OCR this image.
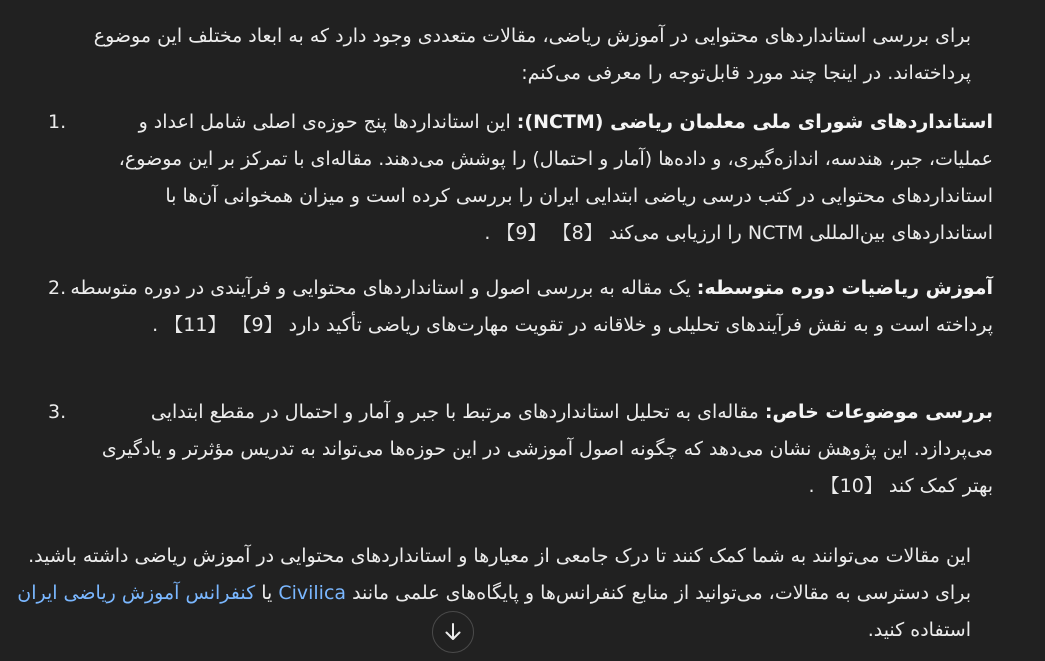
برای بررسی استانداردهای محتوایی در آموزش ریاضی، مقالات متعددی وجود دارد که به ابعاد مختلف این موضوع پرداخته‌اند. در اینجا چند مورد قابل‌توجه را معرفی می‌کنم:

استانداردهای شورای ملی معلمان ریاضی (NCTM): این استانداردها پنج حوزه‌ی اصلی شامل اعداد و عملیات، جبر، هندسه، اندازه‌گیری، و داده‌ها (آمار و احتمال) را پوشش می‌دهند. مقاله‌ای با تمرکز بر این موضوع، استانداردهای محتوایی در کتب درسی ریاضی ابتدایی ایران را بررسی کرده است و میزان همخوانی آن‌ها با استانداردهای بین‌المللی NCTM را ارزیابی می‌کند 【8】 【9】 .
1.
آموزش ریاضیات دوره متوسطه: یک مقاله به بررسی اصول و استانداردهای محتوایی و فرآیندی در دوره متوسطه پرداخته است و به نقش فرآیندهای تحلیلی و خلاقانه در تقویت مهارت‌های ریاضی تأکید دارد 【9】 【11】 .
2.
بررسی موضوعات خاص: مقاله‌ای به تحلیل استانداردهای مرتبط با جبر و آمار و احتمال در مقطع ابتدایی می‌پردازد. این پژوهش نشان می‌دهد که چگونه اصول آموزشی در این حوزه‌ها می‌تواند به تدریس مؤثرتر و یادگیری بهتر کمک کند 【10】 .
3.

این مقالات می‌توانند به شما کمک کنند تا درک جامعی از معیارها و استانداردهای محتوایی در آموزش ریاضی داشته باشید. برای دسترسی به مقالات، می‌توانید از منابع کنفرانس‌ها و پایگاه‌های علمی مانند Civilica یا کنفرانس آموزش ریاضی ایران استفاده کنید.
